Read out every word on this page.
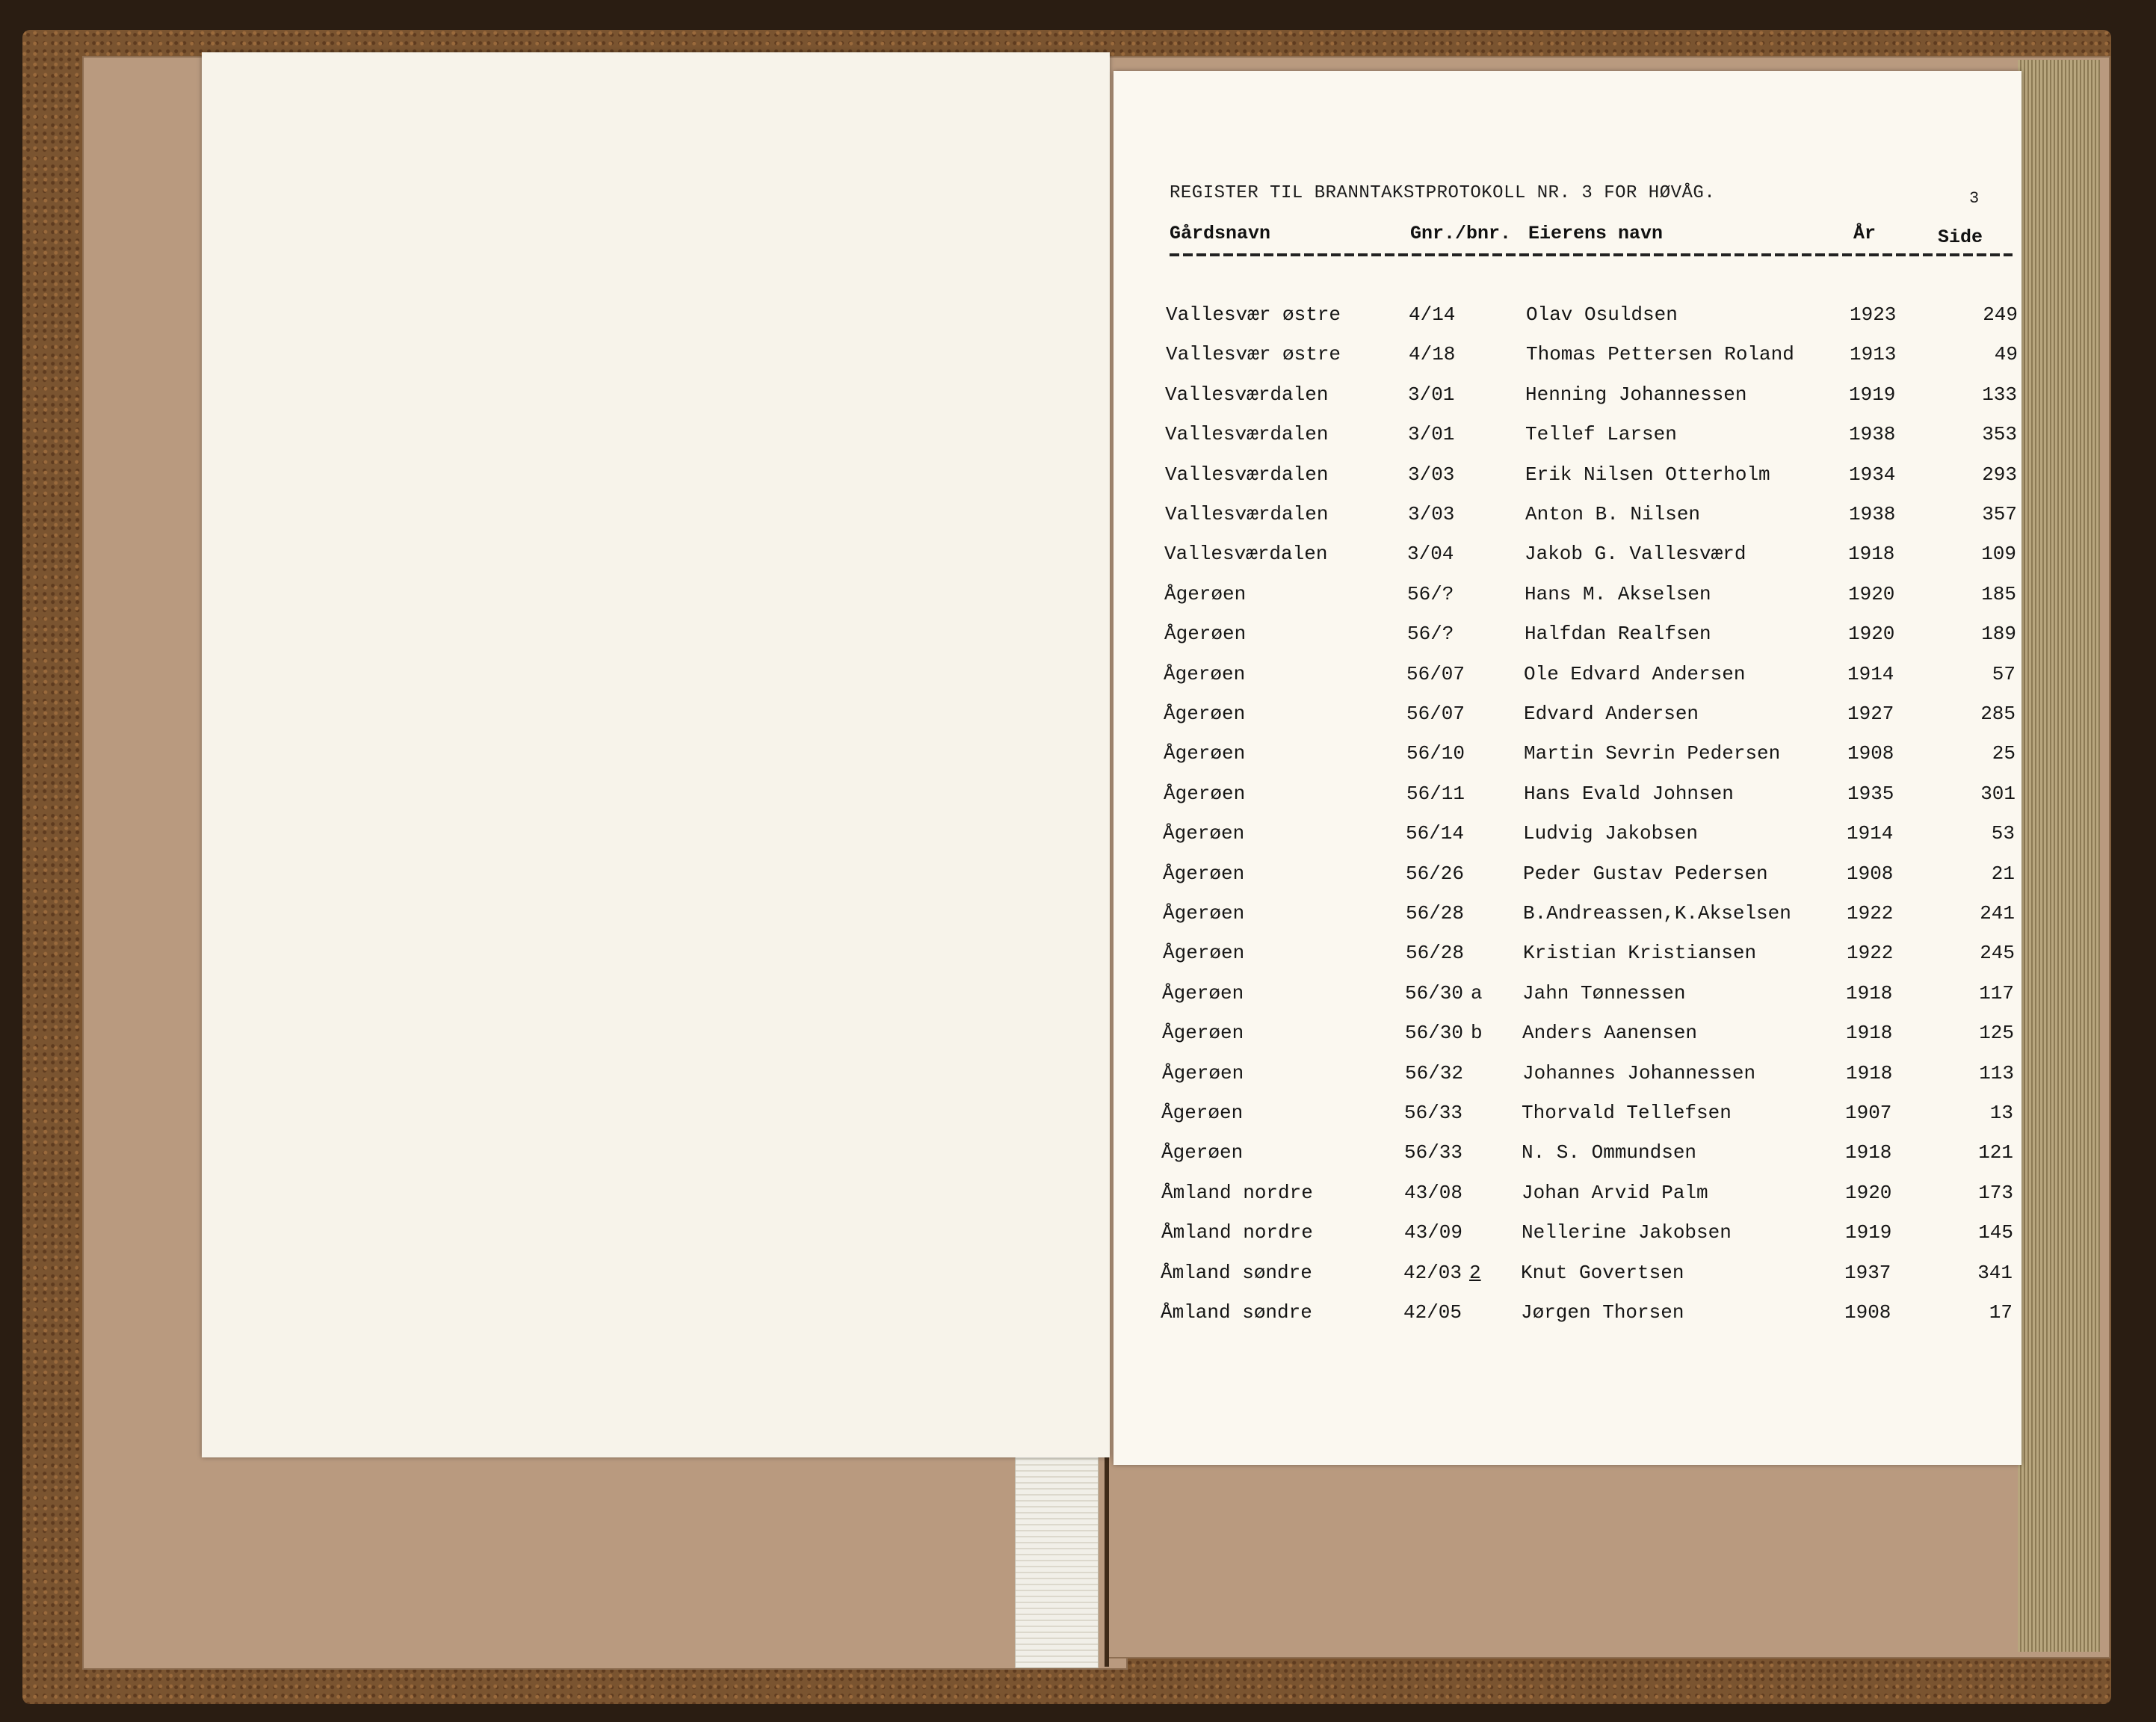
REGISTER TIL BRANNTAKSTPROTOKOLL NR. 3 FOR HØVÅG.	3
Gårdsnavn	Gnr./bnr. Eierens navn	År	Side
Vallesvær østre	4/14	Olav Osuldsen	1923	249
Vallesvær østre	4/18	Thomas Pettersen Roland	1913	49
Vallesværdalen	3/01	Henning Johannessen	1919	133
Vallesværdalen	3/01	Tellef Larsen	1938	353
Vallesværdalen	3/03	Erik Nilsen Otterholm	1934	293
Vallesværdalen	3/03	Anton B. Nilsen	1938	357
Vallesværdalen	3/04	Jakob G. Vallesværd	1918	109
Ågerøen	56/?	Hans M. Akselsen	1920	185
Ågerøen	56/?	Halfdan Realfsen	1920	189
Ågerøen	56/07	Ole Edvard Andersen	1914	57
Ågerøen	56/07	Edvard Andersen	1927	285
Ågerøen	56/10	Martin Sevrin Pedersen	1908	25
Ågerøen	56/11	Hans Evald Johnsen	1935	301
Ågerøen	56/14	Ludvig Jakobsen	1914	53
Ågerøen	56/26	Peder Gustav Pedersen	1908	21
Ågerøen	56/28	B.Andreassen,K.Akselsen	1922	241
Ågerøen	56/28	Kristian Kristiansen	1922	245
Ågerøen	56/30 a Jahn Tønnessen	1918	117
Ågerøen	56/30 b Anders Aanensen	1918	125
Ågerøen	56/32	Johannes Johannessen	1918	113
Ågerøen	56/33	Thorvald Tellefsen	1907	13
Ågerøen	56/33	N. S. Ommundsen	1918	121
Åmland nordre	43/08	Johan Arvid Palm	1920	173
Åmland nordre	43/09	Nellerine Jakobsen	1919	145
Åmland søndre	42/03 2 Knut Govertsen	1937	341
Åmland søndre	42/05	Jørgen Thorsen	1908	17
